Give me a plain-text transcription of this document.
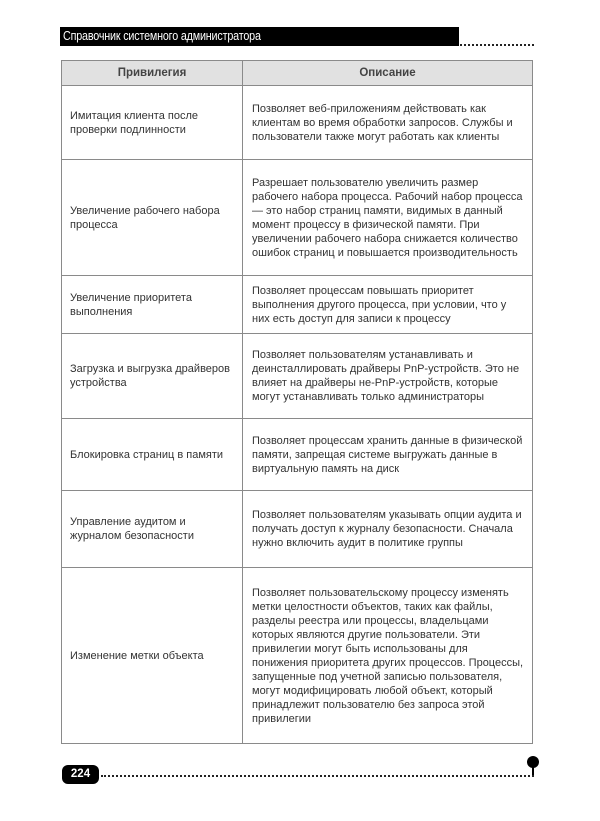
Справочник системного администратора
Привилегия	Описание
Имитация клиента после проверки подлинности	Позволяет веб-приложениям действовать как клиентам во время обработки запросов. Службы и пользователи также могут работать как клиенты
Увеличение рабочего набора процесса	Разрешает пользователю увеличить размер рабочего набора процесса. Рабочий набор процесса — это набор страниц памяти, видимых в данный момент процессу в физической памяти. При увеличении рабочего набора снижается количество ошибок страниц и повышается производительность
Увеличение приоритета выполнения	Позволяет процессам повышать приоритет выполнения другого процесса, при условии, что у них есть доступ для записи к процессу
Загрузка и выгрузка драйверов устройства	Позволяет пользователям устанавливать и деинсталлировать драйверы PnP-устройств. Это не влияет на драйверы не-PnP-устройств, которые могут устанавливать только администраторы
Блокировка страниц в памяти	Позволяет процессам хранить данные в физической памяти, запрещая системе выгружать данные в виртуальную память на диск
Управление аудитом и журналом безопасности	Позволяет пользователям указывать опции аудита и получать доступ к журналу безопасности. Сначала нужно включить аудит в политике группы
Изменение метки объекта	Позволяет пользовательскому процессу изменять метки целостности объектов, таких как файлы, разделы реестра или процессы, владельцами которых являются другие пользователи. Эти привилегии могут быть использованы для понижения приоритета других процессов. Процессы, запущенные под учетной записью пользователя, могут модифицировать любой объект, который принадлежит пользователю без запроса этой привилегии
224
